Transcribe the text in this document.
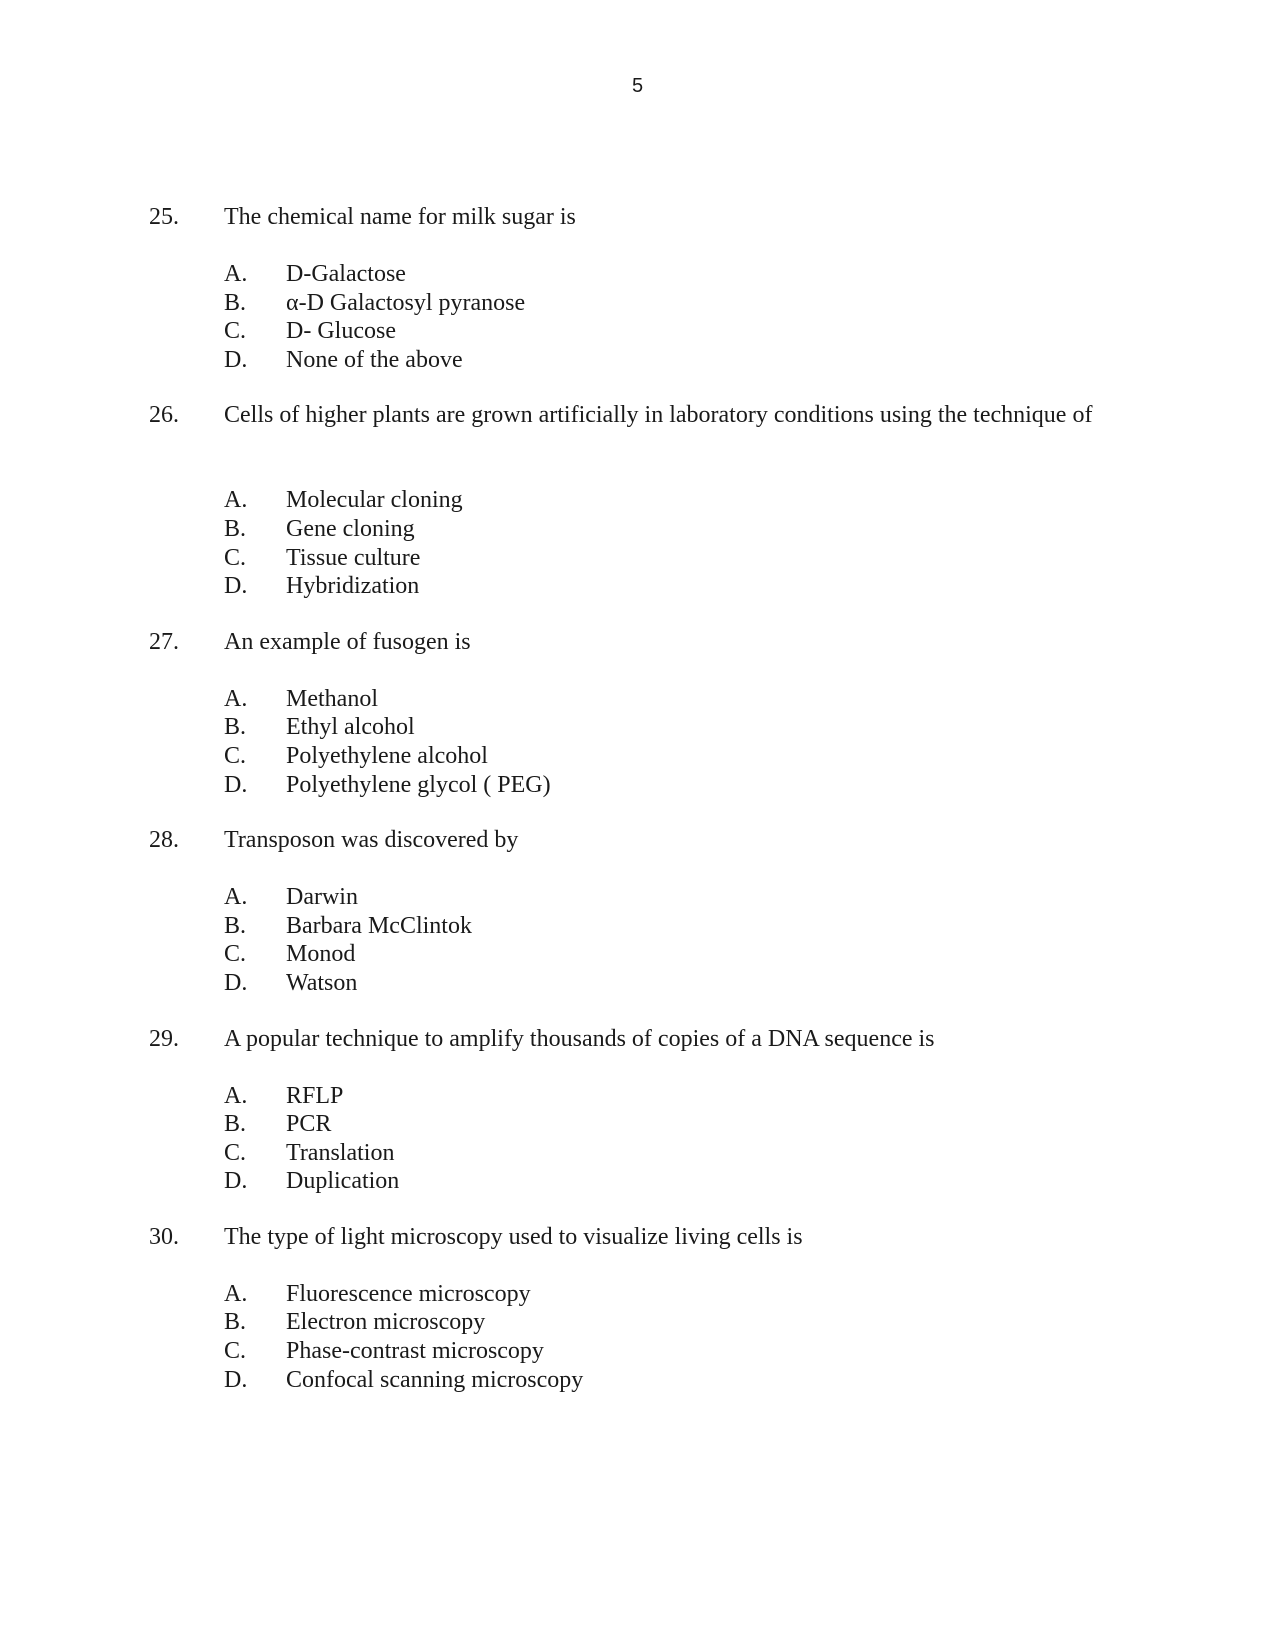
5
25. The chemical name for milk sugar is
A. D-Galactose
B. α-D Galactosyl pyranose
C. D- Glucose
D. None of the above
26. Cells of higher plants are grown artificially in laboratory conditions using the technique of
A. Molecular cloning
B. Gene cloning
C. Tissue culture
D. Hybridization
27. An example of fusogen is
A. Methanol
B. Ethyl alcohol
C. Polyethylene alcohol
D. Polyethylene glycol ( PEG)
28. Transposon was discovered by
A. Darwin
B. Barbara McClintok
C. Monod
D. Watson
29. A popular technique to amplify thousands of copies of a DNA sequence is
A. RFLP
B. PCR
C. Translation
D. Duplication
30. The type of light microscopy used to visualize living cells is
A. Fluorescence microscopy
B. Electron microscopy
C. Phase-contrast microscopy
D. Confocal scanning microscopy
